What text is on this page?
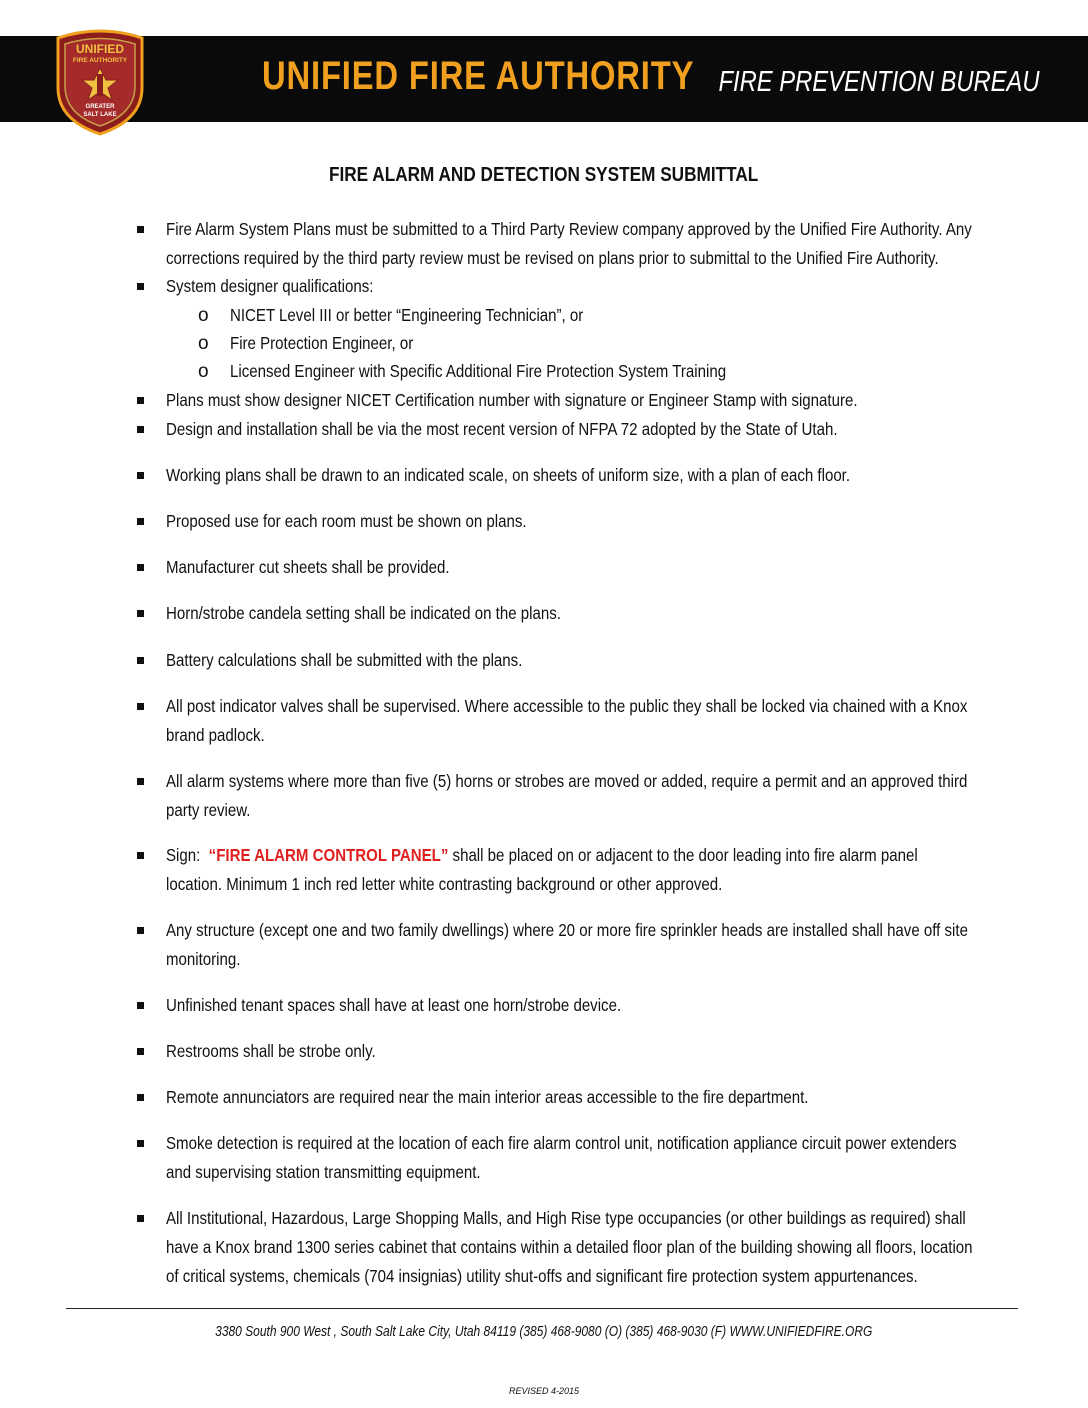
UNIFIED
FIRE AUTHORITY
GREATER
SALT LAKE
UNIFIED FIRE AUTHORITY FIRE PREVENTION BUREAU
FIRE ALARM AND DETECTION SYSTEM SUBMITTAL
Fire Alarm System Plans must be submitted to a Third Party Review company approved by the Unified Fire Authority. Any
corrections required by the third party review must be revised on plans prior to submittal to the Unified Fire Authority.
System designer qualifications:
o NICET Level III or better “Engineering Technician”, or
o Fire Protection Engineer, or
o Licensed Engineer with Specific Additional Fire Protection System Training
Plans must show designer NICET Certification number with signature or Engineer Stamp with signature.
Design and installation shall be via the most recent version of NFPA 72 adopted by the State of Utah.
Working plans shall be drawn to an indicated scale, on sheets of uniform size, with a plan of each floor.
Proposed use for each room must be shown on plans.
Manufacturer cut sheets shall be provided.
Horn/strobe candela setting shall be indicated on the plans.
Battery calculations shall be submitted with the plans.
All post indicator valves shall be supervised. Where accessible to the public they shall be locked via chained with a Knox
brand padlock.
All alarm systems where more than five (5) horns or strobes are moved or added, require a permit and an approved third
party review.
Sign:  “FIRE ALARM CONTROL PANEL” shall be placed on or adjacent to the door leading into fire alarm panel
location. Minimum 1 inch red letter white contrasting background or other approved.
Any structure (except one and two family dwellings) where 20 or more fire sprinkler heads are installed shall have off site
monitoring.
Unfinished tenant spaces shall have at least one horn/strobe device.
Restrooms shall be strobe only.
Remote annunciators are required near the main interior areas accessible to the fire department.
Smoke detection is required at the location of each fire alarm control unit, notification appliance circuit power extenders
and supervising station transmitting equipment.
All Institutional, Hazardous, Large Shopping Malls, and High Rise type occupancies (or other buildings as required) shall
have a Knox brand 1300 series cabinet that contains within a detailed floor plan of the building showing all floors, location
of critical systems, chemicals (704 insignias) utility shut-offs and significant fire protection system appurtenances.
3380 South 900 West , South Salt Lake City, Utah 84119 (385) 468-9080 (O) (385) 468-9030 (F) WWW.UNIFIEDFIRE.ORG
REVISED 4-2015
